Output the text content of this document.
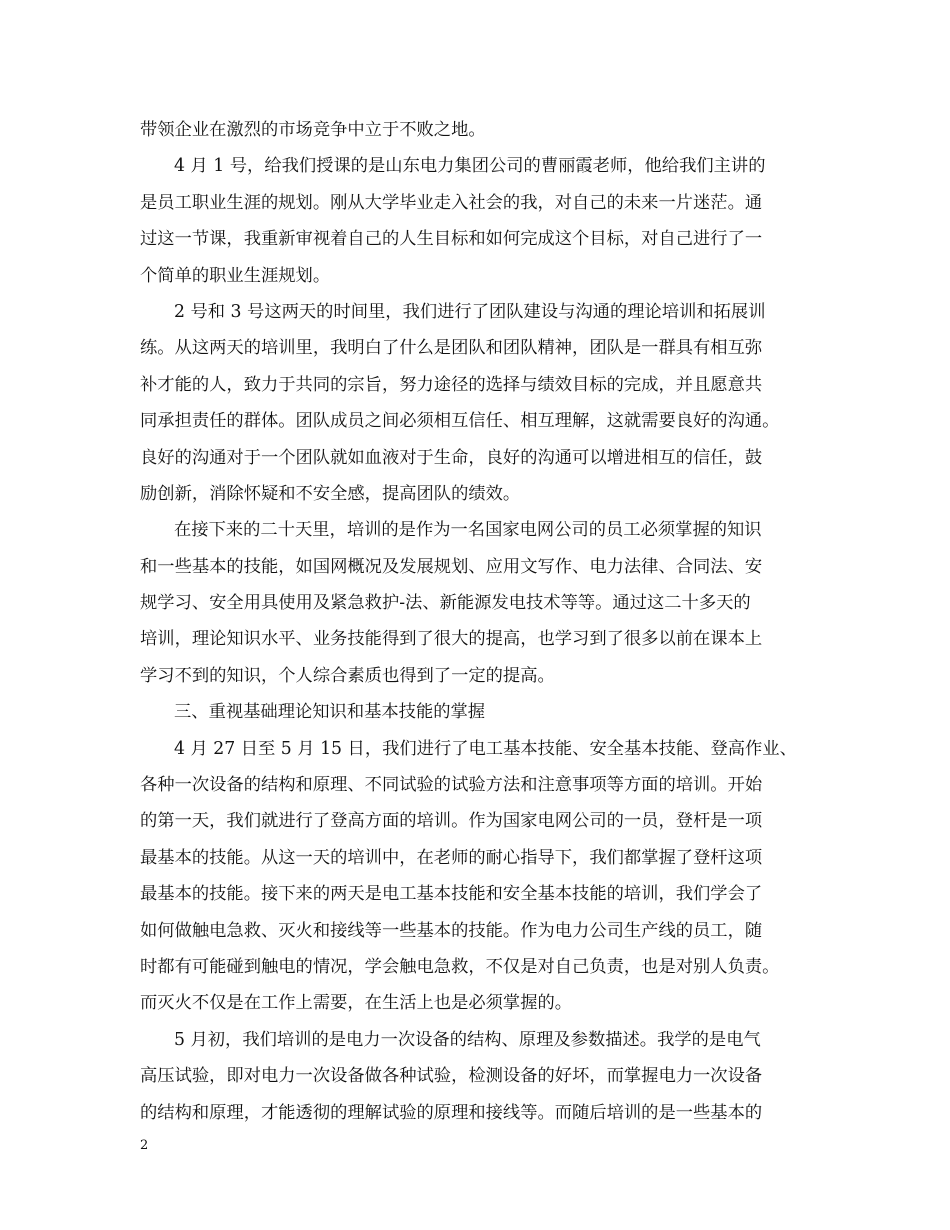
带领企业在激烈的市场竞争中立于不败之地。
4 月 1 号，给我们授课的是山东电力集团公司的曹丽霞老师，他给我们主讲的
是员工职业生涯的规划。刚从大学毕业走入社会的我，对自己的未来一片迷茫。通
过这一节课，我重新审视着自己的人生目标和如何完成这个目标，对自己进行了一
个简单的职业生涯规划。
2 号和 3 号这两天的时间里，我们进行了团队建设与沟通的理论培训和拓展训
练。从这两天的培训里，我明白了什么是团队和团队精神，团队是一群具有相互弥
补才能的人，致力于共同的宗旨，努力途径的选择与绩效目标的完成，并且愿意共
同承担责任的群体。团队成员之间必须相互信任、相互理解，这就需要良好的沟通。
良好的沟通对于一个团队就如血液对于生命，良好的沟通可以增进相互的信任，鼓
励创新，消除怀疑和不安全感，提高团队的绩效。
在接下来的二十天里，培训的是作为一名国家电网公司的员工必须掌握的知识
和一些基本的技能，如国网概况及发展规划、应用文写作、电力法律、合同法、安
规学习、安全用具使用及紧急救护-法、新能源发电技术等等。通过这二十多天的
培训，理论知识水平、业务技能得到了很大的提高，也学习到了很多以前在课本上
学习不到的知识，个人综合素质也得到了一定的提高。
三、重视基础理论知识和基本技能的掌握
4 月 27 日至 5 月 15 日，我们进行了电工基本技能、安全基本技能、登高作业、
各种一次设备的结构和原理、不同试验的试验方法和注意事项等方面的培训。开始
的第一天，我们就进行了登高方面的培训。作为国家电网公司的一员，登杆是一项
最基本的技能。从这一天的培训中，在老师的耐心指导下，我们都掌握了登杆这项
最基本的技能。接下来的两天是电工基本技能和安全基本技能的培训，我们学会了
如何做触电急救、灭火和接线等一些基本的技能。作为电力公司生产线的员工，随
时都有可能碰到触电的情况，学会触电急救，不仅是对自己负责，也是对别人负责。
而灭火不仅是在工作上需要，在生活上也是必须掌握的。
5 月初，我们培训的是电力一次设备的结构、原理及参数描述。我学的是电气
高压试验，即对电力一次设备做各种试验，检测设备的好坏，而掌握电力一次设备
的结构和原理，才能透彻的理解试验的原理和接线等。而随后培训的是一些基本的
2
